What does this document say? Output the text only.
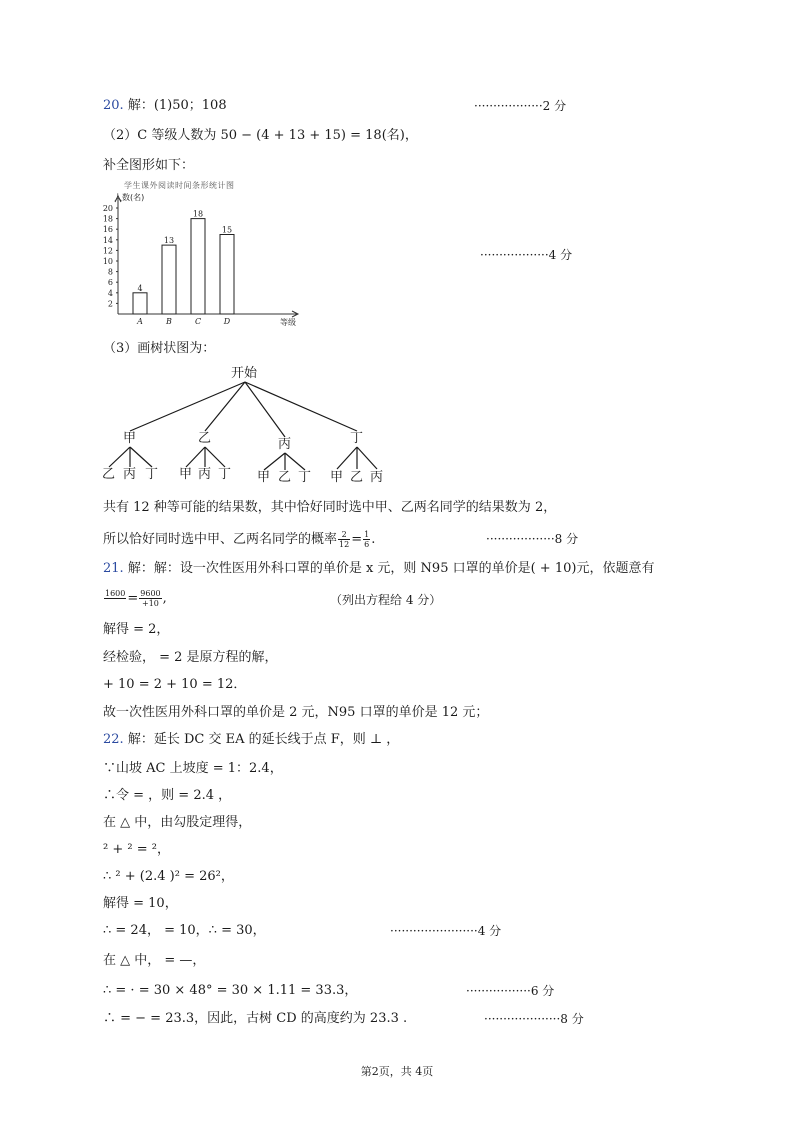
20. 解：(1)50；108	··················2 分
（2）C 等级人数为 50 − (4 + 13 + 15) = 18(名)，
补全图形如下：
学生课外阅读时间条形统计图
2
4
6
8
10
12
14
16
18
20
人数(名)
等级
4
A
13
B
18
C
15
D
··················4 分
（3）画树状图为：
开始
甲	乙	丙	丁
乙 丙 丁 甲 丙 丁 甲 乙 丁 甲 乙 丙
共有 12 种等可能的结果数，其中恰好同时选中甲、乙两名同学的结果数为 2，
所以恰好同时选中甲、乙两名同学的概率 $\frac{2}{12} = \frac{1}{6}$ .	··················8 分
21. 解：解：设一次性医用外科口罩的单价是 x 元，则 N95 口罩的单价是( + 10)元，依题意有
1600
= $\frac{9600}{+10}$ ,	（列出方程给 4 分）
解得 = 2，
经检验， = 2 是原方程的解，
+ 10 = 2 + 10 = 12．
故一次性医用外科口罩的单价是 2 元，N95 口罩的单价是 12 元；
22. 解：延长 DC 交 EA 的延长线于点 F，则 ⊥ ，
∵山坡 AC 上坡度 = 1：2.4，
∴令 = ，则 = 2.4 ，
在 △ 中，由勾股定理得，
² + ² = ²，
∴ ² + (2.4 )² = 26²，
解得 = 10，
∴ = 24， = 10，∴ = 30，	·······················4 分
在 △ 中， = —，
∴ = · = 30 × 48° = 30 × 1.11 = 33.3，	·················6 分
∴ = − = 23.3，因此，古树 CD 的高度约为 23.3 .	····················8 分
第2页，共 4页
